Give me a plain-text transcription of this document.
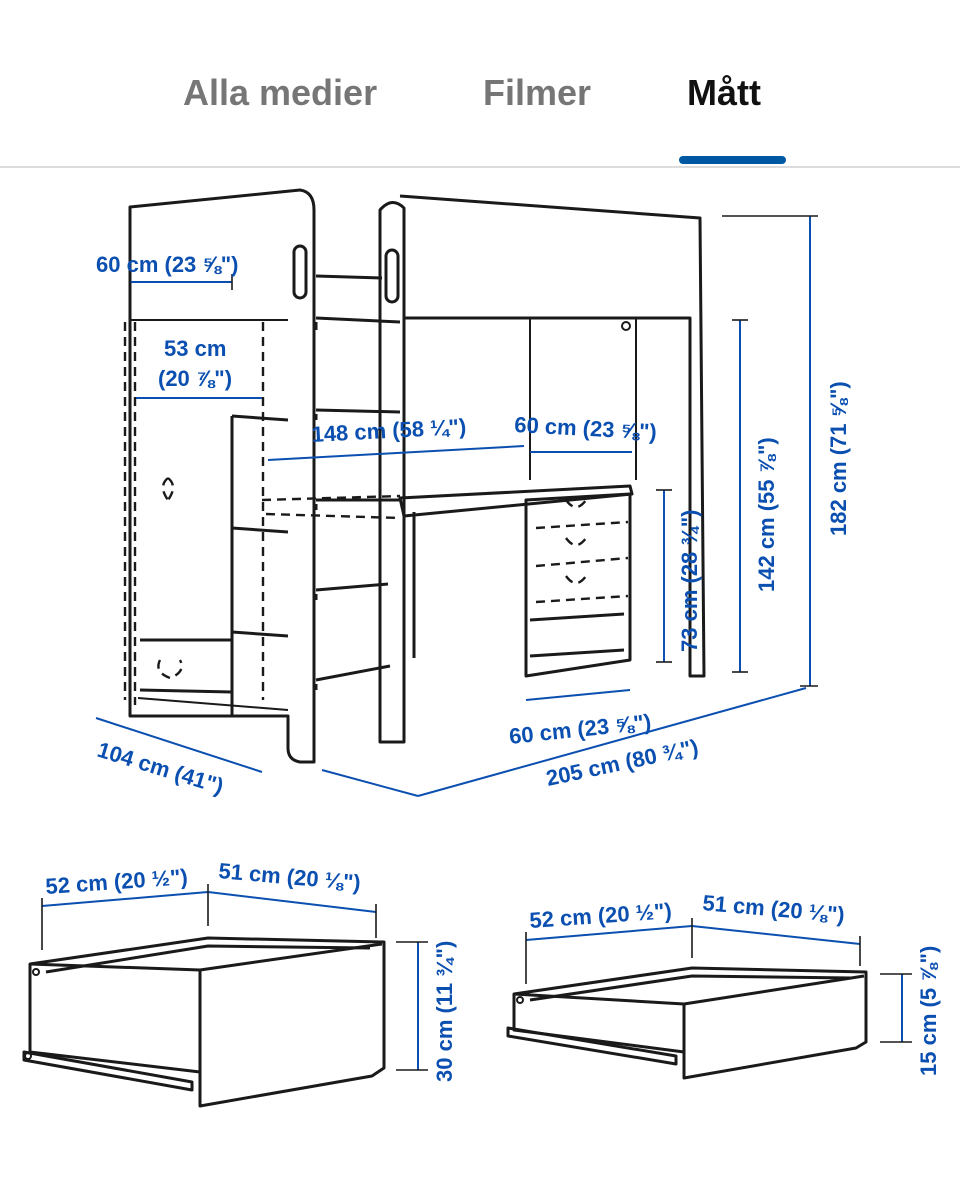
Alla medier	Filmer	Mått
60 cm (23 ⅝")
53 cm
(20 ⅞")
148 cm (58 ¼") 60 cm (23 ⅝")
73 cm (28 ¾") 142 cm (55 ⅞") 182 cm (71 ⅝")
60 cm (23 ⅝")
104 cm (41")	205 cm (80 ¾")
52 cm (20 ½") 51 cm (20 ⅛")
30 cm (11 ¾")
52 cm (20 ½") 51 cm (20 ⅛")
15 cm (5 ⅞")
